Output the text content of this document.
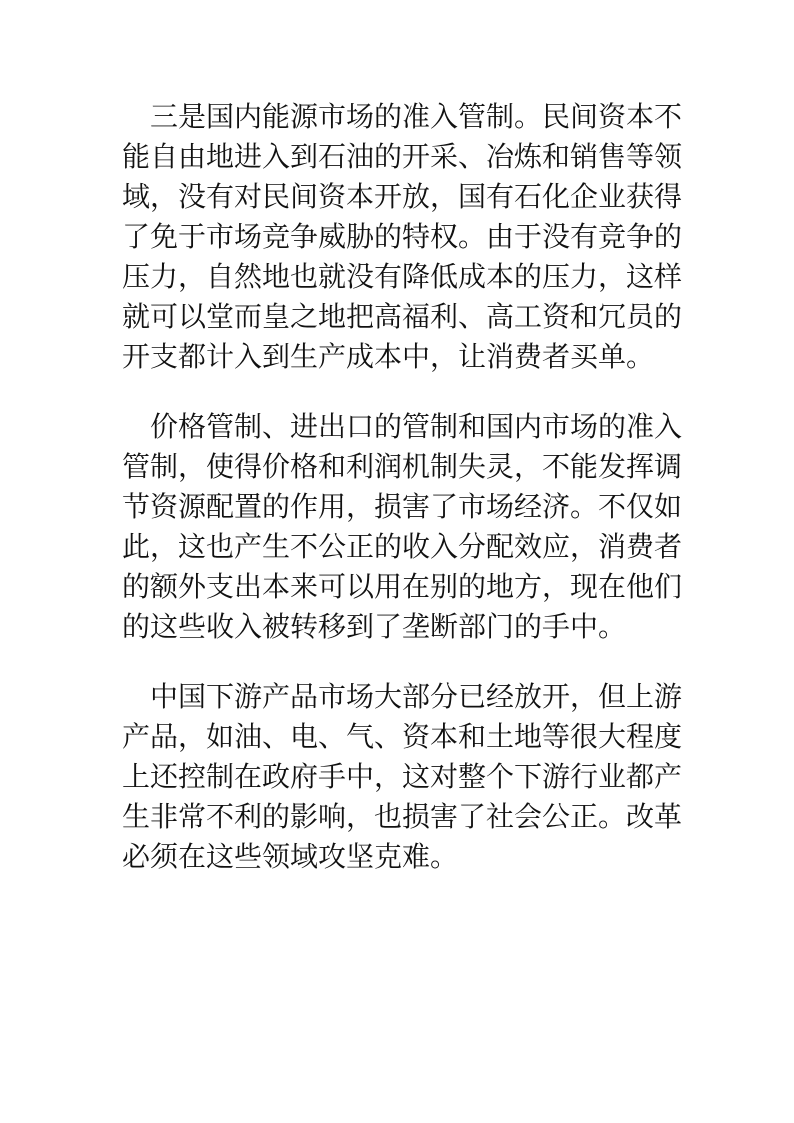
三是国内能源市场的准入管制。民间资本不能自由地进入到石油的开采、冶炼和销售等领域，没有对民间资本开放，国有石化企业获得了免于市场竞争威胁的特权。由于没有竞争的压力，自然地也就没有降低成本的压力，这样就可以堂而皇之地把高福利、高工资和冗员的开支都计入到生产成本中，让消费者买单。

价格管制、进出口的管制和国内市场的准入管制，使得价格和利润机制失灵，不能发挥调节资源配置的作用，损害了市场经济。不仅如此，这也产生不公正的收入分配效应，消费者的额外支出本来可以用在别的地方，现在他们的这些收入被转移到了垄断部门的手中。

中国下游产品市场大部分已经放开，但上游产品，如油、电、气、资本和土地等很大程度上还控制在政府手中，这对整个下游行业都产生非常不利的影响，也损害了社会公正。改革必须在这些领域攻坚克难。
